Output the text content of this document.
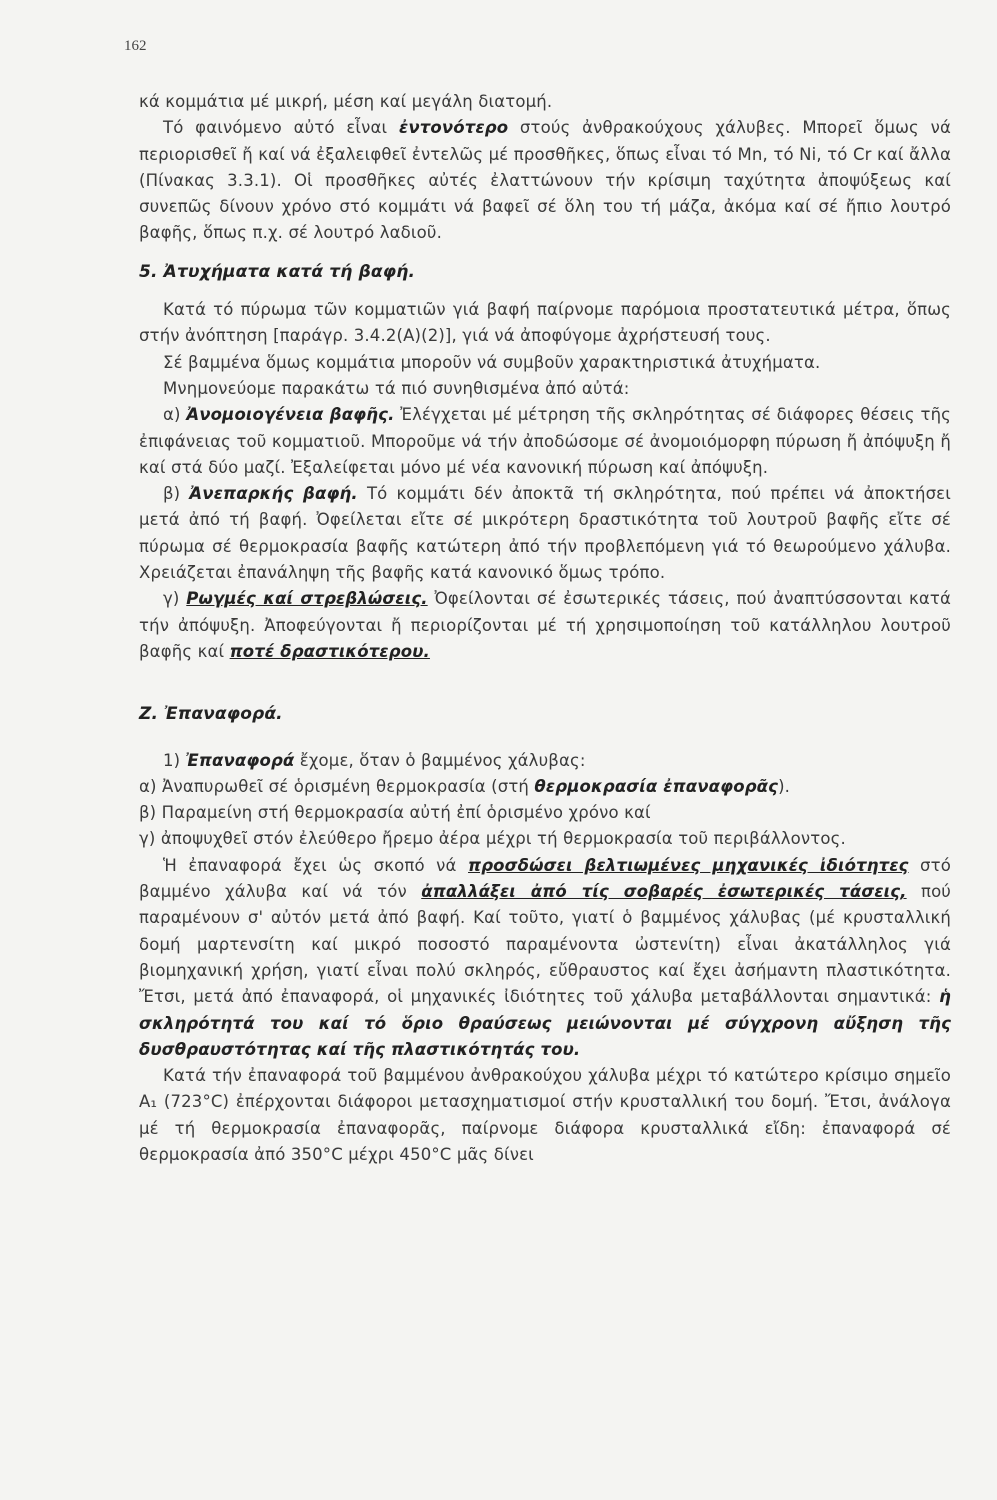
162

κά κομμάτια μέ μικρή, μέση καί μεγάλη διατομή.

Τό φαινόμενο αὐτό εἶναι ἐντονότερο στούς ἀνθρακούχους χάλυβες. Μπορεῖ ὅμως νά περιορισθεῖ ἤ καί νά ἐξαλειφθεῖ ἐντελῶς μέ προσθῆκες, ὅπως εἶναι τό Mn, τό Ni, τό Cr καί ἄλλα (Πίνακας 3.3.1). Οἱ προσθῆκες αὐτές ἐλαττώνουν τήν κρίσιμη ταχύτητα ἀποψύξεως καί συνεπῶς δίνουν χρόνο στό κομμάτι νά βαφεῖ σέ ὅλη του τή μάζα, ἀκόμα καί σέ ἤπιο λουτρό βαφῆς, ὅπως π.χ. σέ λουτρό λαδιοῦ.

5. Ἀτυχήματα κατά τή βαφή.

Κατά τό πύρωμα τῶν κομματιῶν γιά βαφή παίρνομε παρόμοια προστατευτικά μέτρα, ὅπως στήν ἀνόπτηση [παράγρ. 3.4.2(Α)(2)], γιά νά ἀποφύγομε ἀχρήστευσή τους.

Σέ βαμμένα ὅμως κομμάτια μποροῦν νά συμβοῦν χαρακτηριστικά ἀτυχήματα.

Μνημονεύομε παρακάτω τά πιό συνηθισμένα ἀπό αὐτά:

α) Ἀνομοιογένεια βαφῆς. Ἐλέγχεται μέ μέτρηση τῆς σκληρότητας σέ διάφορες θέσεις τῆς ἐπιφάνειας τοῦ κομματιοῦ. Μποροῦμε νά τήν ἀποδώσομε σέ ἀνομοιόμορφη πύρωση ἤ ἀπόψυξη ἤ καί στά δύο μαζί. Ἐξαλείφεται μόνο μέ νέα κανονική πύρωση καί ἀπόψυξη.

β) Ἀνεπαρκής βαφή. Τό κομμάτι δέν ἀποκτᾶ τή σκληρότητα, πού πρέπει νά ἀποκτήσει μετά ἀπό τή βαφή. Ὀφείλεται εἴτε σέ μικρότερη δραστικότητα τοῦ λουτροῦ βαφῆς εἴτε σέ πύρωμα σέ θερμοκρασία βαφῆς κατώτερη ἀπό τήν προβλεπόμενη γιά τό θεωρούμενο χάλυβα. Χρειάζεται ἐπανάληψη τῆς βαφῆς κατά κανονικό ὅμως τρόπο.

γ) Ρωγμές καί στρεβλώσεις. Ὀφείλονται σέ ἐσωτερικές τάσεις, πού ἀναπτύσσονται κατά τήν ἀπόψυξη. Ἀποφεύγονται ἤ περιορίζονται μέ τή χρησιμοποίηση τοῦ κατάλληλου λουτροῦ βαφῆς καί ποτέ δραστικότερου.

Ζ. Ἐπαναφορά.

1) Ἐπαναφορά ἔχομε, ὅταν ὁ βαμμένος χάλυβας:

α) Ἀναπυρωθεῖ σέ ὁρισμένη θερμοκρασία (στή θερμοκρασία ἐπαναφορᾶς).

β) Παραμείνη στή θερμοκρασία αὐτή ἐπί ὁρισμένο χρόνο καί

γ) ἀποψυχθεῖ στόν ἐλεύθερο ἤρεμο ἀέρα μέχρι τή θερμοκρασία τοῦ περιβάλλοντος.

Ἡ ἐπαναφορά ἔχει ὡς σκοπό νά προσδώσει βελτιωμένες μηχανικές ἰδιότητες στό βαμμένο χάλυβα καί νά τόν ἀπαλλάξει ἀπό τίς σοβαρές ἐσωτερικές τάσεις, πού παραμένουν σ' αὐτόν μετά ἀπό βαφή. Καί τοῦτο, γιατί ὁ βαμμένος χάλυβας (μέ κρυσταλλική δομή μαρτενσίτη καί μικρό ποσοστό παραμένοντα ὠστενίτη) εἶναι ἀκατάλληλος γιά βιομηχανική χρήση, γιατί εἶναι πολύ σκληρός, εὔθραυστος καί ἔχει ἀσήμαντη πλαστικότητα. Ἔτσι, μετά ἀπό ἐπαναφορά, οἱ μηχανικές ἰδιότητες τοῦ χάλυβα μεταβάλλονται σημαντικά: ἡ σκληρότητά του καί τό ὅριο θραύσεως μειώνονται μέ σύγχρονη αὔξηση τῆς δυσθραυστότητας καί τῆς πλαστικότητάς του.

Κατά τήν ἐπαναφορά τοῦ βαμμένου ἀνθρακούχου χάλυβα μέχρι τό κατώτερο κρίσιμο σημεῖο Α₁ (723°C) ἐπέρχονται διάφοροι μετασχηματισμοί στήν κρυσταλλική του δομή. Ἔτσι, ἀνάλογα μέ τή θερμοκρασία ἐπαναφορᾶς, παίρνομε διάφορα κρυσταλλικά εἴδη: ἐπαναφορά σέ θερμοκρασία ἀπό 350°C μέχρι 450°C μᾶς δίνει
